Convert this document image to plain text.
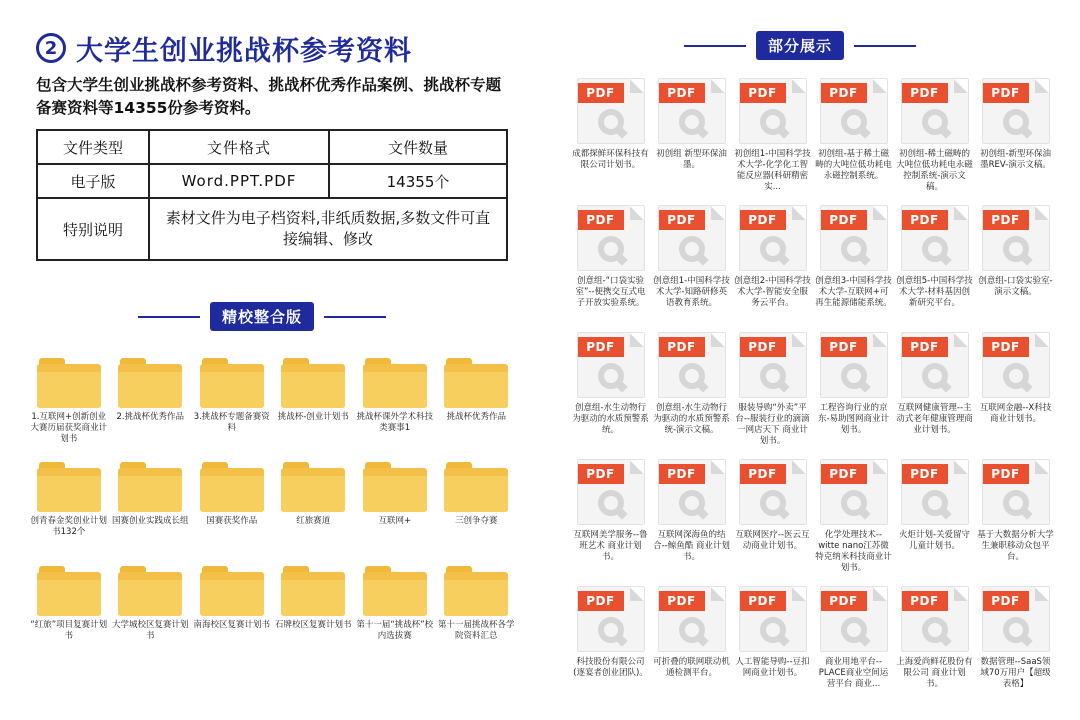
2 大学生创业挑战杯参考资料
包含大学生创业挑战杯参考资料、挑战杯优秀作品案例、挑战杯专题备赛资料等14355份参考资料。
文件类型	文件格式	文件数量
电子版	Word.PPT.PDF	14355个
特别说明	素材文件为电子档资料,非纸质数据,多数文件可直接编辑、修改	
精校整合版
1.互联网+创新创业大赛历届获奖商业计划书
2.挑战杯优秀作品	3.挑战杯专题备赛资料
挑战杯-创业计划书 挑战杯课外学术科技类赛事1
挑战杯优秀作品
创青春金奖创业计划书132个
国赛创业实践成长组	国赛获奖作品	红旅赛道	互联网+	三创争夺赛
“红旅”项目复赛计划书
大学城校区复赛计划书
南海校区复赛计划书 石牌校区复赛计划书 第十一届“挑战杯”校内选拔赛
第十一届挑战杯各学院资料汇总
部分展示
PDF
成都探鲜环保科技有限公司计划书。
PDF
初创组 新型环保油墨。
PDF
初创组1-中国科学技术大学-化学化工智能反应器(科研精密实...
PDF
初创组-基于稀土磁畴的大吨位低功耗电永磁控制系统。
PDF
初创组-稀土磁畴的大吨位低功耗电永磁控制系统-演示文稿。
PDF
初创组-新型环保油墨REV-演示文稿。
PDF
创意组-“口袋实验室”--便携交互式电子开放实验系统。
PDF
创意组1-中国科学技术大学-知路研修英语教育系统。
PDF
创意组2-中国科学技术大学-智能安全服务云平台。
PDF
创意组3-中国科学技术大学-互联网+可再生能源储能系统。
PDF
创意组5-中国科学技术大学-材料基因创新研究平台。
PDF
创意组-口袋实验室-演示文稿。
PDF
创意组-水生动物行为驱动的水质预警系统。
PDF
创意组-水生动物行为驱动的水质预警系统-演示文稿。
PDF
服装导购“外卖”平台--服装行业的滴滴一网店天下 商业计划书。
PDF
工程咨询行业的京东-易助图网商业计划书。
PDF
互联网健康管理--主动式老年健康管理商业计划书。
PDF
互联网金融--X科技 商业计划书。
PDF
互联网美学服务--鲁班艺术 商业计划书。
PDF
互联网深海鱼的结合--鲸鱼酷 商业计划书。
PDF
互联网医疗--医云互动商业计划书。
PDF
化学处理技术--witte nano江苏微特克纳米科技商业计划书。
PDF
火炬计划-关爱留守儿童计划书。
PDF
基于大数据分析大学生兼职移动众包平台。
PDF
科技股份有限公司(逐宴者创业团队)。
PDF
可折叠的联网联动机通检测平台。
PDF
人工智能导购--豆扣网商业计划书。
PDF
商业用地平台--PLACE商业空间运营平台 商业...
PDF
上海爱尚鲜花股份有限公司 商业计划书。
PDF
数据管理--SaaS领域70万用户【超级表格】
